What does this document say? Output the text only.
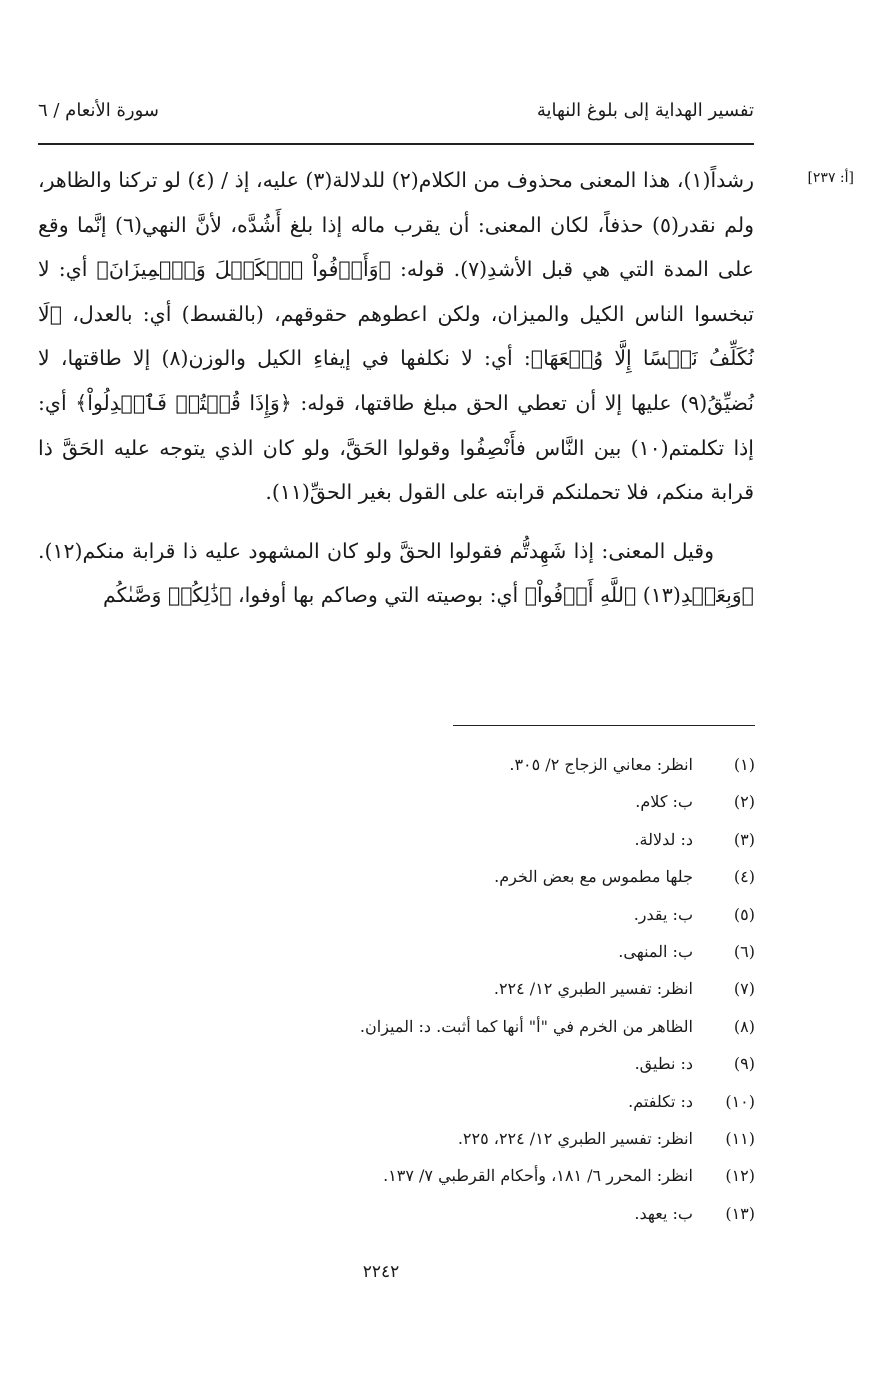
تفسير الهداية إلى بلوغ النهاية
سورة الأنعام / ٦
[أ: ٢٣٧]

رشداً(١)، هذا المعنى محذوف من الكلام(٢) للدلالة(٣) عليه، إذ / (٤) لو تركنا والظاهر، ولم نقدر(٥) حذفاً، لكان المعنى: أن يقرب ماله إذا بلغ أَشُدَّه، لأنَّ النهي(٦) إنَّما وقع على المدة التي هي قبل الأشدِ(٧). قوله: ﴿وَأَوۡفُواْ ٱلۡكَيۡلَ وَٱلۡمِيزَانَ﴾ أي: لا تبخسوا الناس الكيل والميزان، ولكن اعطوهم حقوقهم، (بالقسط) أي: بالعدل، ﴿لَا نُكَلِّفُ نَفۡسًا إِلَّا وُسۡعَهَا﴾: أي: لا نكلفها في إيفاءِ الكيل والوزن(٨) إلا طاقتها، لا نُضيِّقُ(٩) عليها إلا أن تعطي الحق مبلغ طاقتها، قوله: ﴿وَإِذَا قُلۡتُمۡ فَٱعۡدِلُواْ﴾ أي: إذا تكلمتم(١٠) بين النَّاس فأَنْصِفُوا وقولوا الحَقَّ، ولو كان الذي يتوجه عليه الحَقَّ ذا قرابة منكم، فلا تحملنكم قرابته على القول بغير الحقِّ(١١).

وقيل المعنى: إذا شَهِدتُّم فقولوا الحقَّ ولو كان المشهود عليه ذا قرابة منكم(١٢). ﴿وَبِعَهۡدِ(١٣) ٱللَّهِ أَوۡفُواْ﴾ أي: بوصيته التي وصاكم بها أوفوا، ﴿ذَٰلِكُمۡ وَصَّىٰكُم

(١)
انظر: معاني الزجاج ٢/ ٣٠٥.
(٢)
ب: كلام.
(٣)
د: لدلالة.
(٤)
جلها مطموس مع بعض الخرم.
(٥)
ب: يقدر.
(٦)
ب: المنهى.
(٧)
انظر: تفسير الطبري ١٢/ ٢٢٤.
(٨)
الظاهر من الخرم في "أ" أنها كما أثبت. د: الميزان.
(٩)
د: نطيق.
(١٠)
د: تكلفتم.
(١١)
انظر: تفسير الطبري ١٢/ ٢٢٤، ٢٢٥.
(١٢)
انظر: المحرر ٦/ ١٨١، وأحكام القرطبي ٧/ ١٣٧.
(١٣)
ب: يعهد.
٢٢٤٢
